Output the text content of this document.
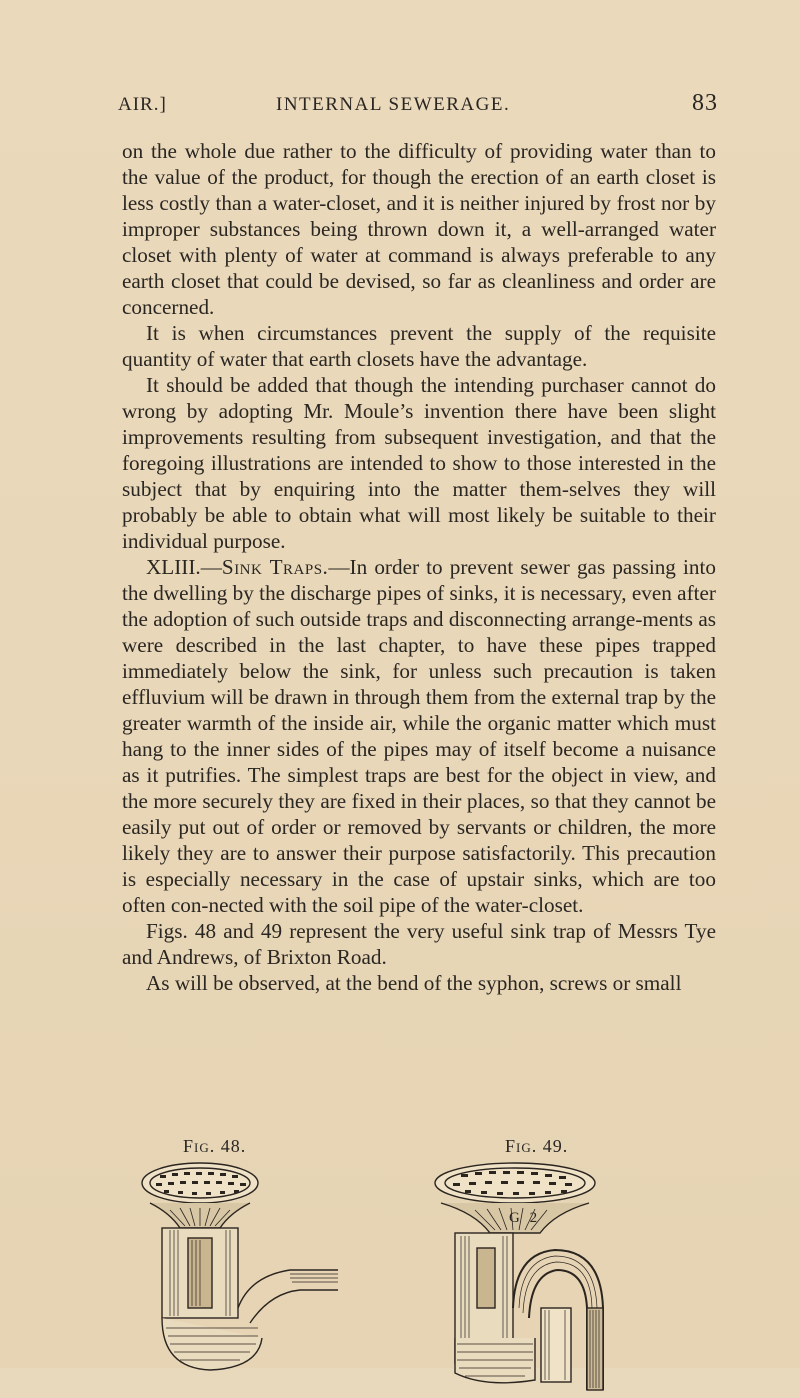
AIR.]	INTERNAL SEWERAGE.	83

on the whole due rather to the difficulty of providing water than to the value of the product, for though the erection of an earth closet is less costly than a water-closet, and it is neither injured by frost nor by improper substances being thrown down it, a well-arranged water closet with plenty of water at command is always preferable to any earth closet that could be devised, so far as cleanliness and order are concerned.

It is when circumstances prevent the supply of the requisite quantity of water that earth closets have the advantage.

It should be added that though the intending purchaser cannot do wrong by adopting Mr. Moule’s invention there have been slight improvements resulting from subsequent investigation, and that the foregoing illustrations are intended to show to those interested in the subject that by enquiring into the matter them-selves they will probably be able to obtain what will most likely be suitable to their individual purpose.

XLIII.—Sink Traps.—In order to prevent sewer gas passing into the dwelling by the discharge pipes of sinks, it is necessary, even after the adoption of such outside traps and disconnecting arrange-ments as were described in the last chapter, to have these pipes trapped immediately below the sink, for unless such precaution is taken effluvium will be drawn in through them from the external trap by the greater warmth of the inside air, while the organic matter which must hang to the inner sides of the pipes may of itself become a nuisance as it putrifies. The simplest traps are best for the object in view, and the more securely they are fixed in their places, so that they cannot be easily put out of order or removed by servants or children, the more likely they are to answer their purpose satisfactorily. This precaution is especially necessary in the case of upstair sinks, which are too often con-nected with the soil pipe of the water-closet.

Figs. 48 and 49 represent the very useful sink trap of Messrs Tye and Andrews, of Brixton Road.

As will be observed, at the bend of the syphon, screws or small

Fig. 48.	Fig. 49.
G 2
